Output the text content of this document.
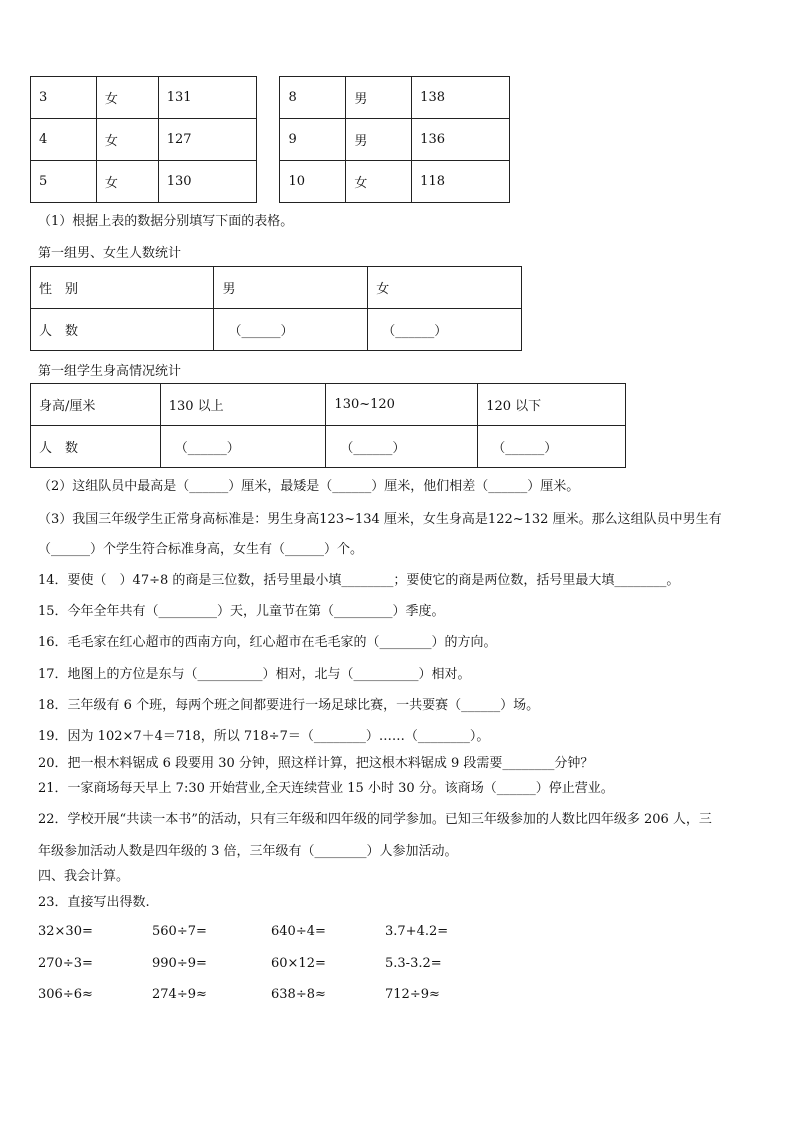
3	女	131		8	男	138
4	女	127		9	男	136
5	女	130		10	女	118
（1）根据上表的数据分别填写下面的表格。
第一组男、女生人数统计
性　别	男	女
人　数	（______）	（______）
第一组学生身高情况统计
身高/厘米	130 以上	130~120	120 以下
人　数	（______）	（______）	（______）
（2）这组队员中最高是（______）厘米，最矮是（______）厘米，他们相差（______）厘米。
（3）我国三年级学生正常身高标准是：男生身高123~134 厘米，女生身高是122~132 厘米。那么这组队员中男生有
（______）个学生符合标准身高，女生有（______）个。
14．要使（　）47÷8 的商是三位数，括号里最小填________；要使它的商是两位数，括号里最大填________。
15．今年全年共有（_________）天，儿童节在第（_________）季度。
16．毛毛家在红心超市的西南方向，红心超市在毛毛家的（________）的方向。
17．地图上的方位是东与（__________）相对，北与（__________）相对。
18．三年级有 6 个班，每两个班之间都要进行一场足球比赛，一共要赛（______）场。
19．因为 102×7＋4＝718，所以 718÷7＝（________）……（________）。
20．把一根木料锯成 6 段要用 30 分钟，照这样计算，把这根木料锯成 9 段需要________分钟？
21．一家商场每天早上 7:30 开始营业,全天连续营业 15 小时 30 分。该商场（______）停止营业。
22．学校开展“共读一本书”的活动，只有三年级和四年级的同学参加。已知三年级参加的人数比四年级多 206 人，三
年级参加活动人数是四年级的 3 倍，三年级有（________）人参加活动。
四、我会计算。
23．直接写出得数.
32×30=	560÷7=	640÷4=	3.7+4.2=
270÷3=	990÷9=	60×12=	5.3-3.2=
306÷6≈	274÷9≈	638÷8≈	712÷9≈
